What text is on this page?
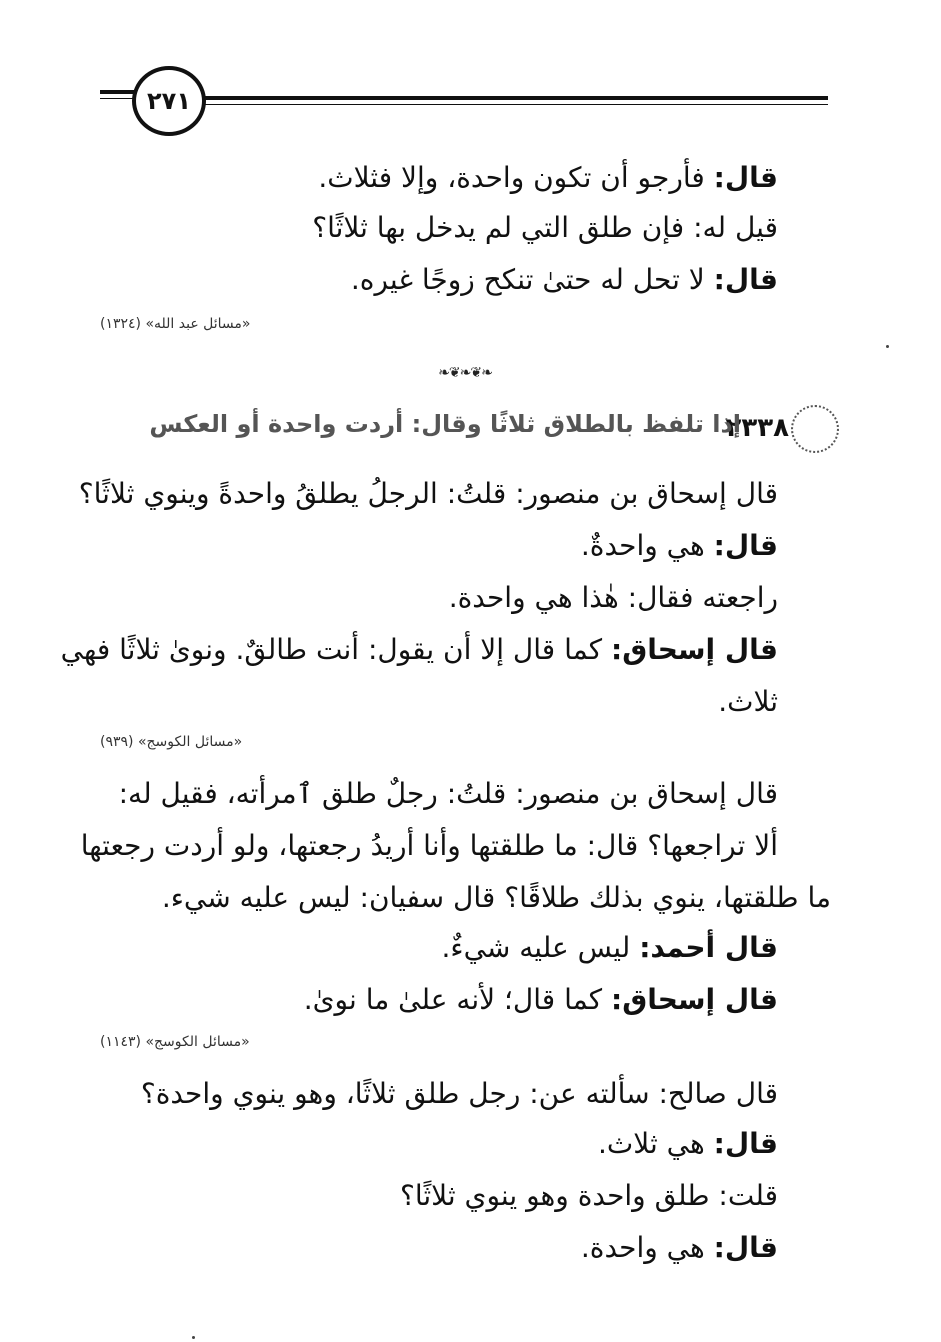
٢٧١
قال: فأرجو أن تكون واحدة، وإلا فثلاث.
قيل له: فإن طلق التي لم يدخل بها ثلاثًا؟
قال: لا تحل له حتىٰ تنكح زوجًا غيره.
«مسائل عبد الله» (١٣٢٤)
❧❦❧❦❧
٢٣٣٨
إذا تلفظ بالطلاق ثلاثًا وقال: أردت واحدة أو العكس
قال إسحاق بن منصور: قلتُ: الرجلُ يطلقُ واحدةً وينوي ثلاثًا؟
قال: هي واحدةٌ.
راجعته فقال: هٰذا هي واحدة.
قال إسحاق: كما قال إلا أن يقول: أنت طالقٌ. ونوىٰ ثلاثًا فهي
ثلاث.
«مسائل الكوسج» (٩٣٩)
قال إسحاق بن منصور: قلتُ: رجلٌ طلق ٱمرأته، فقيل له:
ألا تراجعها؟ قال: ما طلقتها وأنا أريدُ رجعتها، ولو أردت رجعتها
ما طلقتها، ينوي بذلك طلاقًا؟ قال سفيان: ليس عليه شيء.
قال أحمد: ليس عليه شيءٌ.
قال إسحاق: كما قال؛ لأنه علىٰ ما نوىٰ.
«مسائل الكوسج» (١١٤٣)
قال صالح: سألته عن: رجل طلق ثلاثًا، وهو ينوي واحدة؟
قال: هي ثلاث.
قلت: طلق واحدة وهو ينوي ثلاثًا؟
قال: هي واحدة.
